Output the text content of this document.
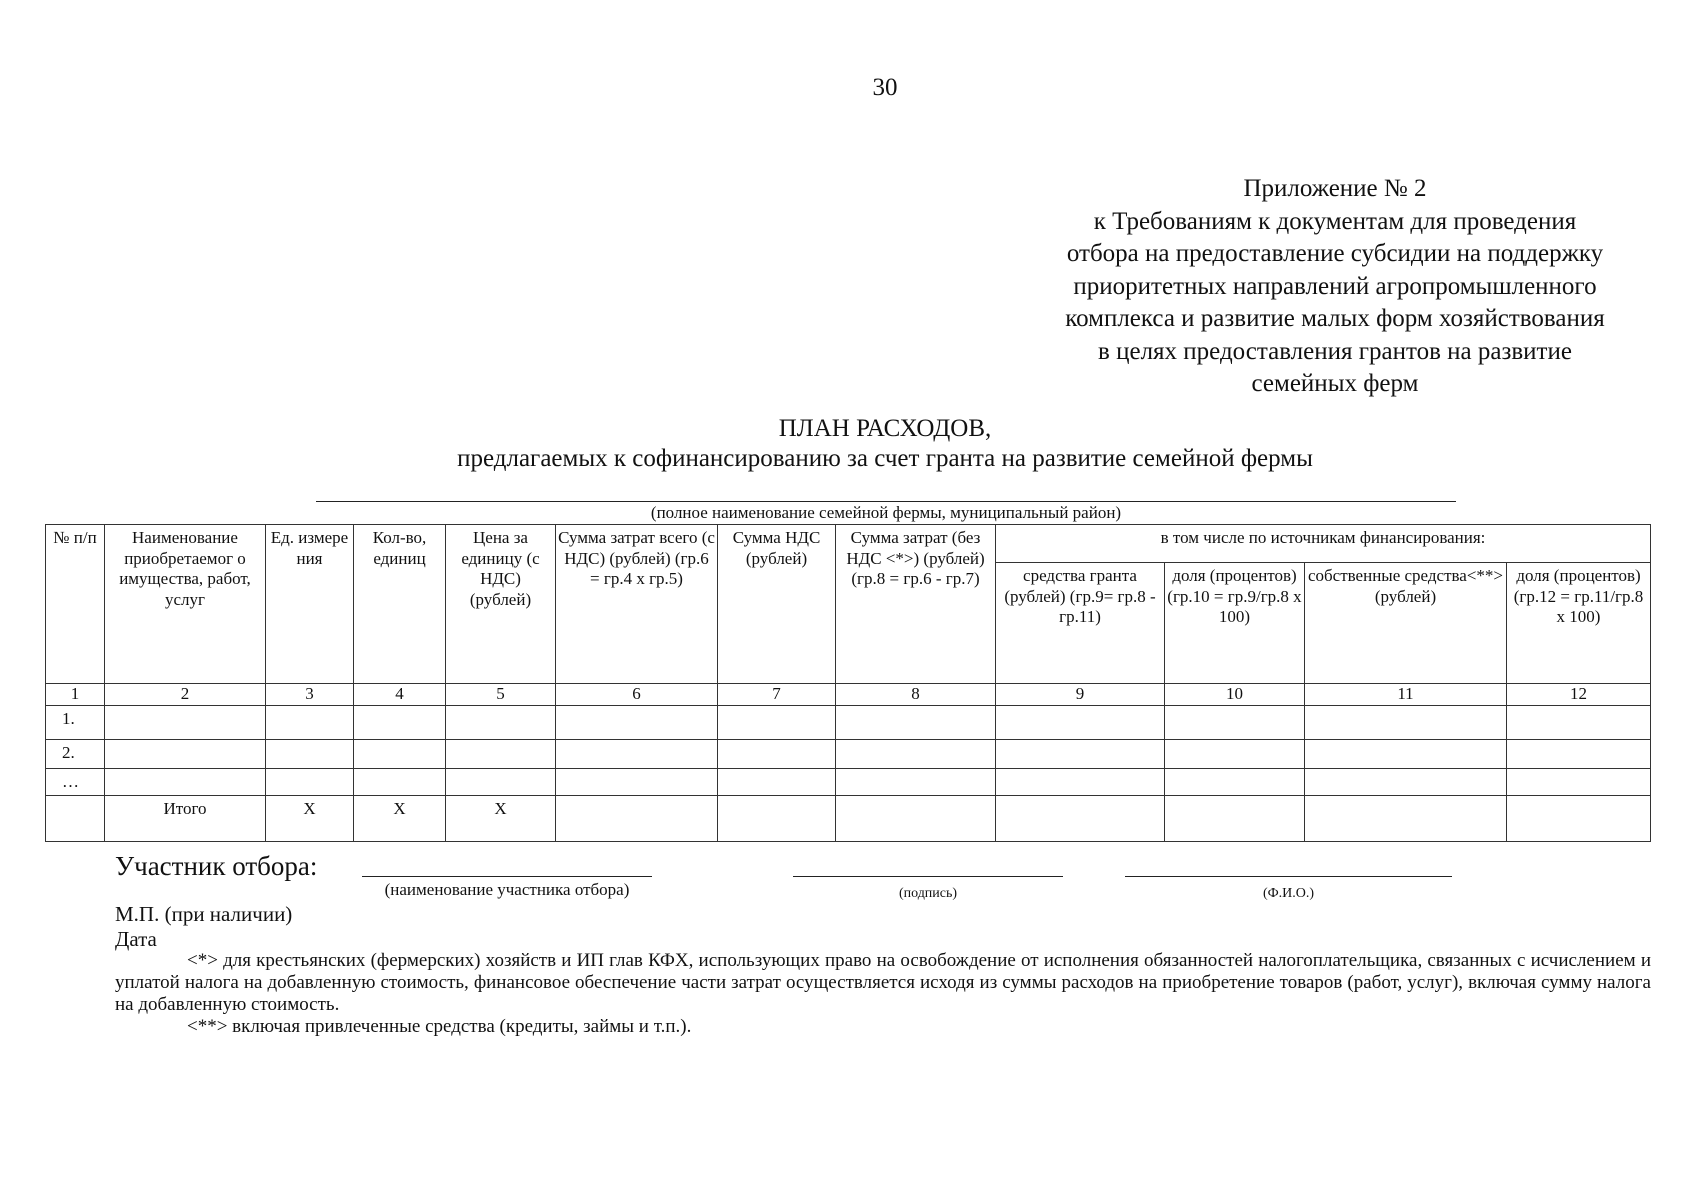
30
Приложение № 2
к Требованиям к документам для проведения
отбора на предоставление субсидии на поддержку
приоритетных направлений агропромышленного
комплекса и развитие малых форм хозяйствования
в целях предоставления грантов на развитие
семейных ферм
ПЛАН РАСХОДОВ,
предлагаемых к софинансированию за счет гранта на развитие семейной фермы
(полное наименование семейной фермы, муниципальный район)
№ п/п	Наименование приобретаемог о имущества, работ, услуг	Ед. измере ния	Кол-во, единиц	Цена за единицу (с НДС) (рублей)	Сумма затрат всего (с НДС) (рублей) (гр.6 = гр.4 х гр.5)	Сумма НДС (рублей)	Сумма затрат (без НДС <*>) (рублей) (гр.8 = гр.6 - гр.7)	в том числе по источникам финансирования:			
								средства гранта (рублей) (гр.9= гр.8 - гр.11)	доля (процентов) (гр.10 = гр.9/гр.8 х 100)	собственные средства<**> (рублей)	доля (процентов) (гр.12 = гр.11/гр.8 х 100)
1	2	3	4	5	6	7	8	9	10	11	12
1.											
2.											
…											
	Итого	Х	Х	Х							
Участник отбора:
(наименование участника отбора)	(подпись)	(Ф.И.О.)
М.П. (при наличии)
Дата

<*> для крестьянских (фермерских) хозяйств и ИП глав КФХ, использующих право на освобождение от исполнения обязанностей налогоплательщика, связанных с исчислением и уплатой налога на добавленную стоимость, финансовое обеспечение части затрат осуществляется исходя из суммы расходов на приобретение товаров (работ, услуг), включая сумму налога на добавленную стоимость.

<**> включая привлеченные средства (кредиты, займы и т.п.).
